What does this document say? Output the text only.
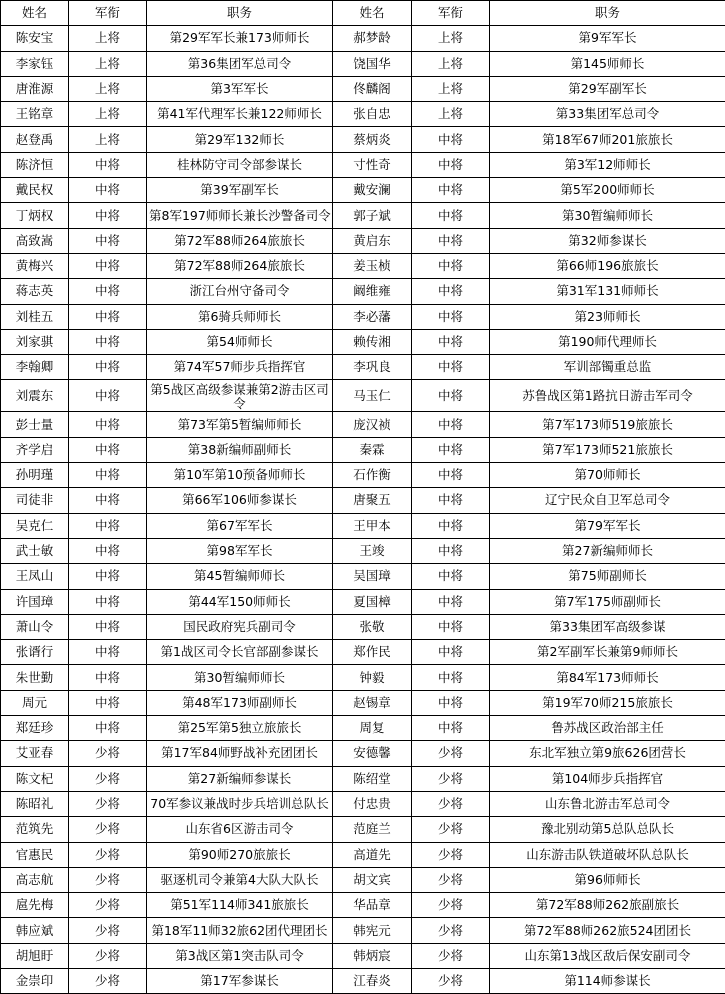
姓名	军衔	职务	姓名	军衔	职务
陈安宝	上将	第29军军长兼173师师长	郝梦龄	上将	第9军军长
李家钰	上将	第36集团军总司令	饶国华	上将	第145师师长
唐淮源	上将	第3军军长	佟麟阁	上将	第29军副军长
王铭章	上将	第41军代理军长兼122师师长	张自忠	上将	第33集团军总司令
赵登禹	上将	第29军132师长	蔡炳炎	中将	第18军67师201旅旅长
陈济恒	中将	桂林防守司令部参谋长	寸性奇	中将	第3军12师师长
戴民权	中将	第39军副军长	戴安澜	中将	第5军200师师长
丁炳权	中将	第8军197师师长兼长沙警备司令	郭子斌	中将	第30暂编师师长
高致嵩	中将	第72军88师264旅旅长	黄启东	中将	第32师参谋长
黄梅兴	中将	第72军88师264旅旅长	姜玉桢	中将	第66师196旅旅长
蒋志英	中将	浙江台州守备司令	阚维雍	中将	第31军131师师长
刘桂五	中将	第6骑兵师师长	李必藩	中将	第23师师长
刘家骐	中将	第54师师长	赖传湘	中将	第190师代理师长
李翰卿	中将	第74军57师步兵指挥官	李巩良	中将	军训部镯重总监
刘震东	中将	第5战区高级参谋兼第2游击区司令	马玉仁	中将	苏鲁战区第1路抗日游击军司令
彭士量	中将	第73军第5暂编师师长	庞汉祯	中将	第7军173师519旅旅长
齐学启	中将	第38新编师副师长	秦霖	中将	第7军173师521旅旅长
孙明瑾	中将	第10军第10预备师师长	石作衡	中将	第70师师长
司徒非	中将	第66军106师参谋长	唐聚五	中将	辽宁民众自卫军总司令
吴克仁	中将	第67军军长	王甲本	中将	第79军军长
武士敏	中将	第98军军长	王竣	中将	第27新编师师长
王凤山	中将	第45暂编师师长	吴国璋	中将	第75师副师长
许国璋	中将	第44军150师师长	夏国樟	中将	第7军175师副师长
萧山令	中将	国民政府宪兵副司令	张敬	中将	第33集团军高级参谋
张谞行	中将	第1战区司令长官部副参谋长	郑作民	中将	第2军副军长兼第9师师长
朱世勤	中将	第30暂编师师长	钟毅	中将	第84军173师师长
周元	中将	第48军173师副师长	赵锡章	中将	第19军70师215旅旅长
郑廷珍	中将	第25军第5独立旅旅长	周复	中将	鲁苏战区政治部主任
艾亚春	少将	第17军84师野战补充团团长	安德馨	少将	东北军独立第9旅626团营长
陈文杞	少将	第27新编师参谋长	陈绍堂	少将	第104师步兵指挥官
陈昭礼	少将	70军参议兼战时步兵培训总队长	付忠贵	少将	山东鲁北游击军总司令
范筑先	少将	山东省6区游击司令	范庭兰	少将	豫北别动第5总队总队长
官惠民	少将	第90师270旅旅长	高道先	少将	山东游击队铁道破坏队总队长
高志航	少将	驱逐机司令兼第4大队大队长	胡文宾	少将	第96师师长
扈先梅	少将	第51军114师341旅旅长	华品章	少将	第72军88师262旅副旅长
韩应斌	少将	第18军11师32旅62团代理团长	韩宪元	少将	第72军88师262旅524团团长
胡旭盱	少将	第3战区第1突击队司令	韩炳宸	少将	山东第13战区敌后保安副司令
金崇印	少将	第17军参谋长	江春炎	少将	第114师参谋长
